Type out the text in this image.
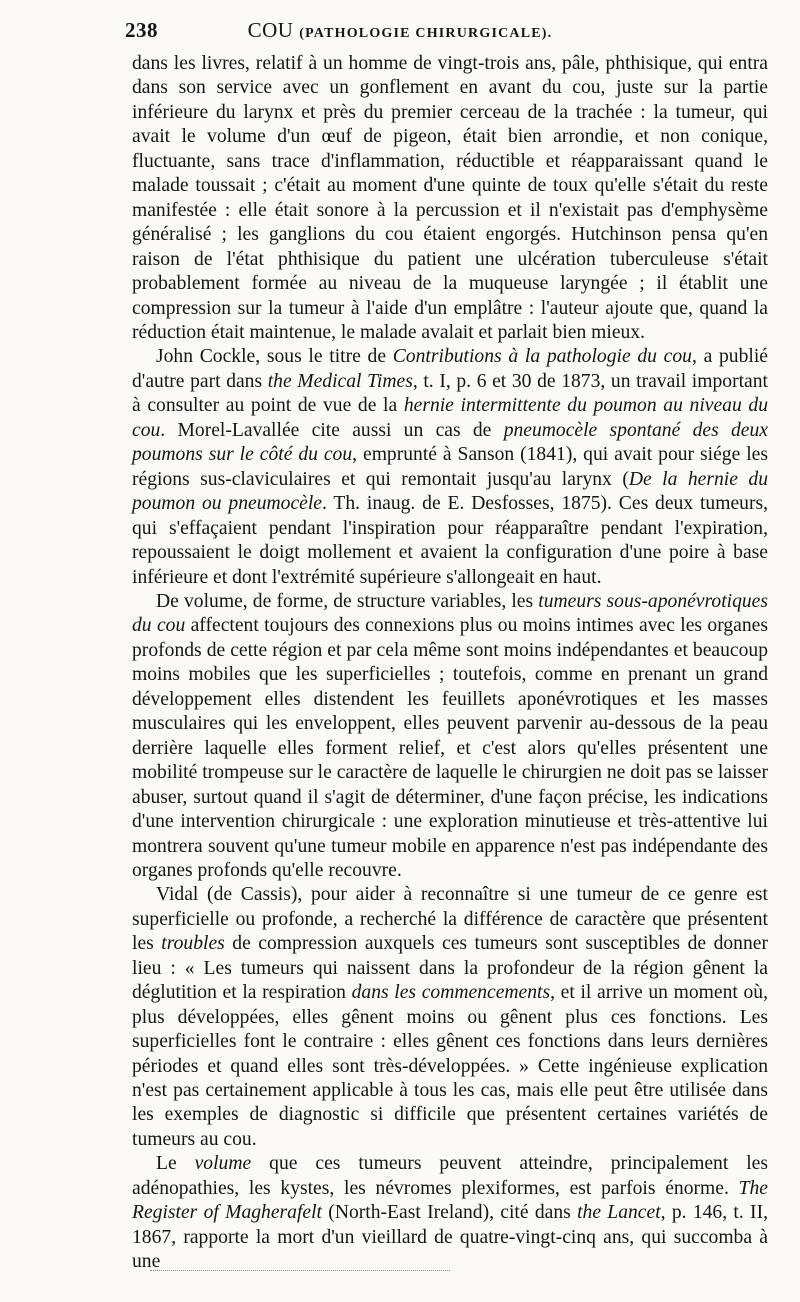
238	COU (PATHOLOGIE CHIRURGICALE).

dans les livres, relatif à un homme de vingt-trois ans, pâle, phthisique, qui entra dans son service avec un gonflement en avant du cou, juste sur la partie inférieure du larynx et près du premier cerceau de la trachée : la tumeur, qui avait le volume d'un œuf de pigeon, était bien arrondie, et non conique, fluctuante, sans trace d'inflammation, réductible et réapparaissant quand le malade toussait ; c'était au moment d'une quinte de toux qu'elle s'était du reste manifestée : elle était sonore à la percussion et il n'existait pas d'emphysème généralisé ; les ganglions du cou étaient engorgés. Hutchinson pensa qu'en raison de l'état phthisique du patient une ulcération tuberculeuse s'était probablement formée au niveau de la muqueuse laryngée ; il établit une compression sur la tumeur à l'aide d'un emplâtre : l'auteur ajoute que, quand la réduction était maintenue, le malade avalait et parlait bien mieux.

John Cockle, sous le titre de Contributions à la pathologie du cou, a publié d'autre part dans the Medical Times, t. I, p. 6 et 30 de 1873, un travail important à consulter au point de vue de la hernie intermittente du poumon au niveau du cou. Morel-Lavallée cite aussi un cas de pneumocèle spontané des deux poumons sur le côté du cou, emprunté à Sanson (1841), qui avait pour siége les régions sus-claviculaires et qui remontait jusqu'au larynx (De la hernie du poumon ou pneumocèle. Th. inaug. de E. Desfosses, 1875). Ces deux tumeurs, qui s'effaçaient pendant l'inspiration pour réapparaître pendant l'expiration, repoussaient le doigt mollement et avaient la configuration d'une poire à base inférieure et dont l'extrémité supérieure s'allongeait en haut.

De volume, de forme, de structure variables, les tumeurs sous-aponévrotiques du cou affectent toujours des connexions plus ou moins intimes avec les organes profonds de cette région et par cela même sont moins indépendantes et beaucoup moins mobiles que les superficielles ; toutefois, comme en prenant un grand développement elles distendent les feuillets aponévrotiques et les masses musculaires qui les enveloppent, elles peuvent parvenir au-dessous de la peau derrière laquelle elles forment relief, et c'est alors qu'elles présentent une mobilité trompeuse sur le caractère de laquelle le chirurgien ne doit pas se laisser abuser, surtout quand il s'agit de déterminer, d'une façon précise, les indications d'une intervention chirurgicale : une exploration minutieuse et très-attentive lui montrera souvent qu'une tumeur mobile en apparence n'est pas indépendante des organes profonds qu'elle recouvre.

Vidal (de Cassis), pour aider à reconnaître si une tumeur de ce genre est superficielle ou profonde, a recherché la différence de caractère que présentent les troubles de compression auxquels ces tumeurs sont susceptibles de donner lieu : « Les tumeurs qui naissent dans la profondeur de la région gênent la déglutition et la respiration dans les commencements, et il arrive un moment où, plus développées, elles gênent moins ou gênent plus ces fonctions. Les superficielles font le contraire : elles gênent ces fonctions dans leurs dernières périodes et quand elles sont très-développées. » Cette ingénieuse explication n'est pas certainement applicable à tous les cas, mais elle peut être utilisée dans les exemples de diagnostic si difficile que présentent certaines variétés de tumeurs au cou.

Le volume que ces tumeurs peuvent atteindre, principalement les adénopathies, les kystes, les névromes plexiformes, est parfois énorme. The Register of Magherafelt (North-East Ireland), cité dans the Lancet, p. 146, t. II, 1867, rapporte la mort d'un vieillard de quatre-vingt-cinq ans, qui succomba à une
